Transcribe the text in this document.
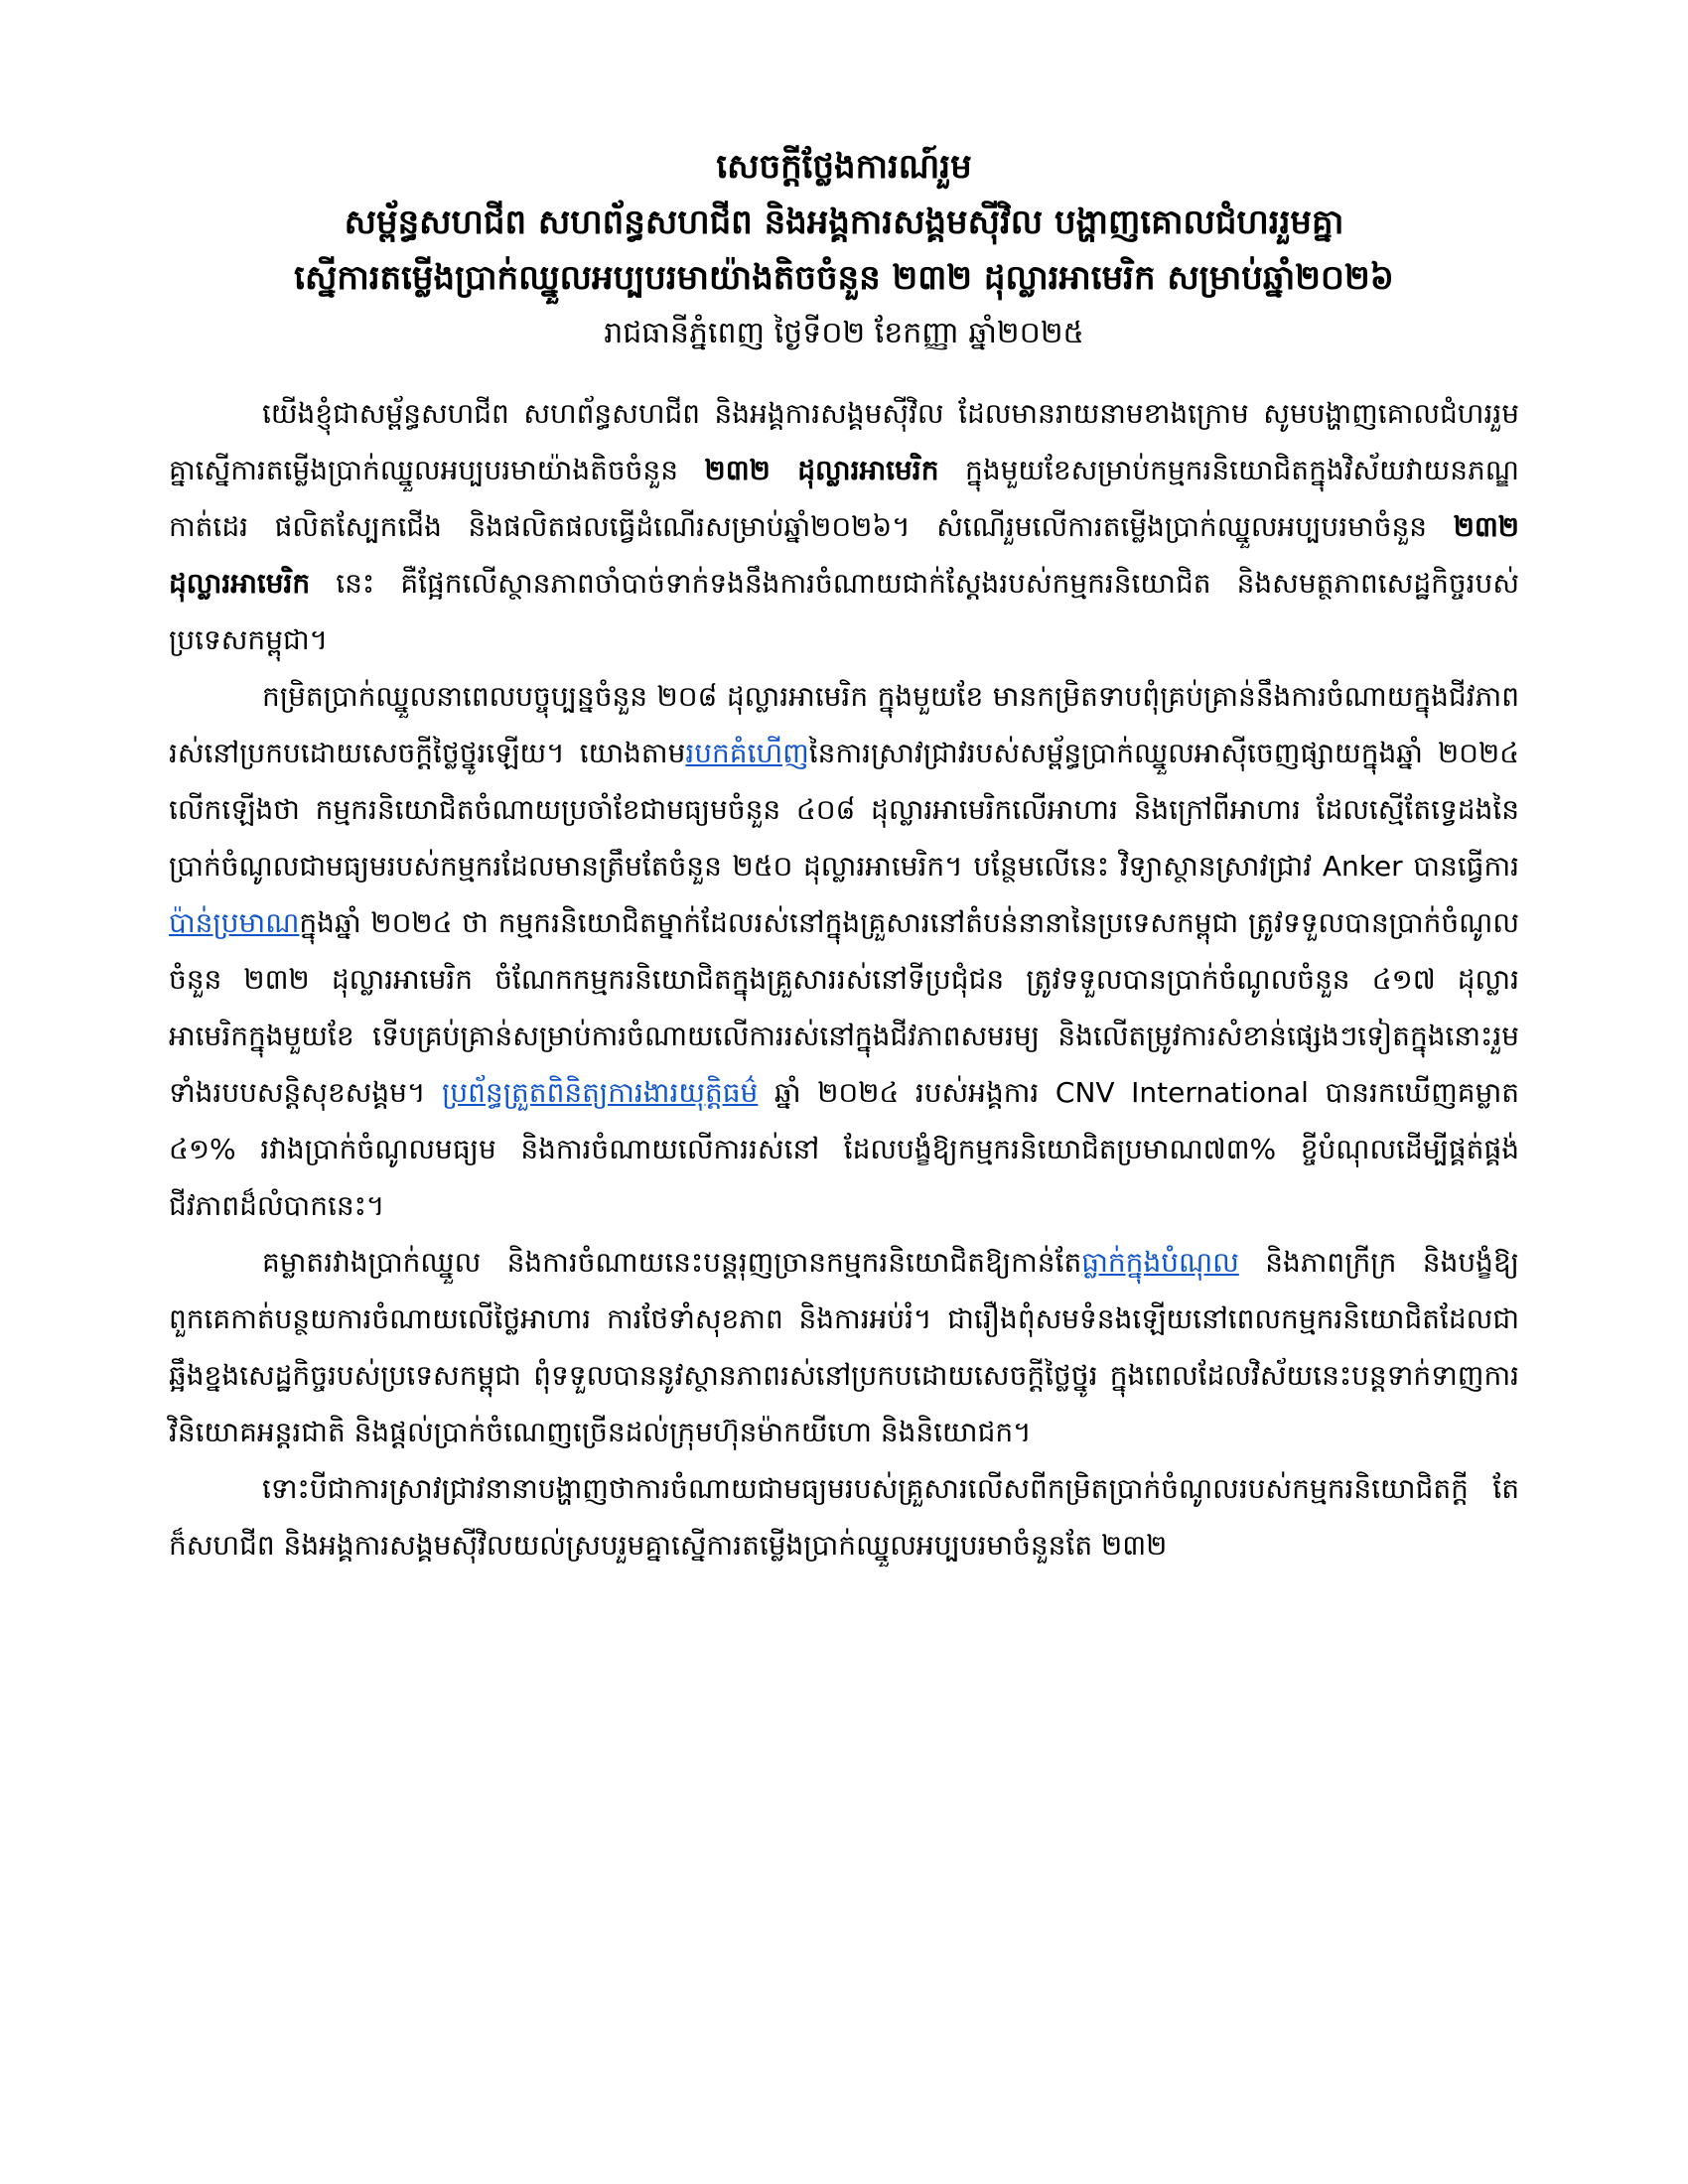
សេចក្តីថ្លែងការណ៍រួម
សម្ព័ន្ធសហជីព សហព័ន្ធសហជីព និងអង្គការសង្គមស៊ីវិល បង្ហាញគោលជំហររួមគ្នា
ស្នើការតម្លើងប្រាក់ឈ្នួលអប្បបរមាយ៉ាងតិចចំនួន ២៣២ ដុល្លារអាមេរិក សម្រាប់ឆ្នាំ២០២៦
រាជធានីភ្នំពេញ ថ្ងៃទី០២ ខែកញ្ញា ឆ្នាំ២០២៥

យើងខ្ញុំជាសម្ព័ន្ធសហជីព សហព័ន្ធសហជីព និងអង្គការសង្គមស៊ីវិល ដែលមានរាយនាមខាងក្រោម សូមបង្ហាញគោលជំហររួមគ្នាស្នើការតម្លើងប្រាក់ឈ្នួលអប្បបរមាយ៉ាងតិចចំនួន ២៣២ ដុល្លារអាមេរិក ក្នុងមួយខែសម្រាប់កម្មករនិយោជិតក្នុងវិស័យវាយនភណ្ឌកាត់ដេរ ផលិតស្បែកជើង និងផលិតផលធ្វើដំណើរសម្រាប់ឆ្នាំ២០២៦។ សំណើរួមលើការតម្លើងប្រាក់ឈ្នួលអប្បបរមាចំនួន ២៣២ ដុល្លារអាមេរិក នេះ គឺផ្អែកលើស្ថានភាពចាំបាច់ទាក់ទងនឹងការចំណាយជាក់ស្តែងរបស់កម្មករនិយោជិត និងសមត្ថភាពសេដ្ឋកិច្ចរបស់ប្រទេសកម្ពុជា។

កម្រិតប្រាក់ឈ្នួលនាពេលបច្ចុប្បន្នចំនួន ២០៨ ដុល្លារអាមេរិក ក្នុងមួយខែ មានកម្រិតទាបពុំគ្រប់គ្រាន់នឹងការចំណាយក្នុងជីវភាពរស់នៅប្រកបដោយសេចក្តីថ្លៃថ្នូរឡើយ។ យោងតាមរបកគំហើញនៃការស្រាវជ្រាវរបស់សម្ព័ន្ធប្រាក់ឈ្នួលអាស៊ីចេញផ្សាយក្នុងឆ្នាំ ២០២៤ លើកឡើងថា កម្មករនិយោជិតចំណាយប្រចាំខែជាមធ្យមចំនួន ៤០៨ ដុល្លារអាមេរិកលើអាហារ និងក្រៅពីអាហារ ដែលស្មើតែទ្វេដងនៃប្រាក់ចំណូលជាមធ្យមរបស់កម្មករដែលមានត្រឹមតែចំនួន ២៥០ ដុល្លារអាមេរិក។ បន្ថែមលើនេះ វិទ្យាស្ថានស្រាវជ្រាវ Anker បានធ្វើការប៉ាន់ប្រមាណក្នុងឆ្នាំ ២០២៤ ថា កម្មករនិយោជិតម្នាក់ដែលរស់នៅក្នុងគ្រួសារនៅតំបន់នានានៃប្រទេសកម្ពុជា ត្រូវទទួលបានប្រាក់ចំណូលចំនួន ២៣២ ដុល្លារអាមេរិក ចំណែកកម្មករនិយោជិតក្នុងគ្រួសាររស់នៅទីប្រជុំជន ត្រូវទទួលបានប្រាក់ចំណូលចំនួន ៤១៧ ដុល្លារអាមេរិកក្នុងមួយខែ ទើបគ្រប់គ្រាន់សម្រាប់ការចំណាយលើការរស់នៅក្នុងជីវភាពសមរម្យ និងលើតម្រូវការសំខាន់ផ្សេងៗទៀតក្នុងនោះរួមទាំងរបបសន្តិសុខសង្គម។ ប្រព័ន្ធត្រួតពិនិត្យការងារយុត្តិធម៌ ឆ្នាំ ២០២៤ របស់អង្គការ CNV International បានរកឃើញគម្លាត ៤១% រវាងប្រាក់ចំណូលមធ្យម និងការចំណាយលើការរស់នៅ ដែលបង្ខំឱ្យកម្មករនិយោជិតប្រមាណ៧៣% ខ្ចីបំណុលដើម្បីផ្គត់ផ្គង់ជីវភាពដ៏លំបាកនេះ។

គម្លាតរវាងប្រាក់ឈ្នួល និងការចំណាយនេះបន្តរុញច្រានកម្មករនិយោជិតឱ្យកាន់តែធ្លាក់ក្នុងបំណុល និងភាពក្រីក្រ និងបង្ខំឱ្យពួកគេកាត់បន្ថយការចំណាយលើថ្លៃអាហារ ការថែទាំសុខភាព និងការអប់រំ។ ជារឿងពុំសមទំនងឡើយនៅពេលកម្មករនិយោជិតដែលជាឆ្អឹងខ្នងសេដ្ឋកិច្ចរបស់ប្រទេសកម្ពុជា ពុំទទួលបាននូវស្ថានភាពរស់នៅប្រកបដោយសេចក្តីថ្លៃថ្នូរ ក្នុងពេលដែលវិស័យនេះបន្តទាក់ទាញការវិនិយោគអន្តរជាតិ និងផ្តល់ប្រាក់ចំណេញច្រើនដល់ក្រុមហ៊ុនម៉ាកយីហោ និងនិយោជក។

ទោះបីជាការស្រាវជ្រាវនានាបង្ហាញថាការចំណាយជាមធ្យមរបស់គ្រួសារលើសពីកម្រិតប្រាក់ចំណូលរបស់កម្មករនិយោជិតក្តី តែក៏សហជីព និងអង្គការសង្គមស៊ីវិលយល់ស្របរួមគ្នាស្នើការតម្លើងប្រាក់ឈ្នួលអប្បបរមាចំនួនតែ ២៣២
